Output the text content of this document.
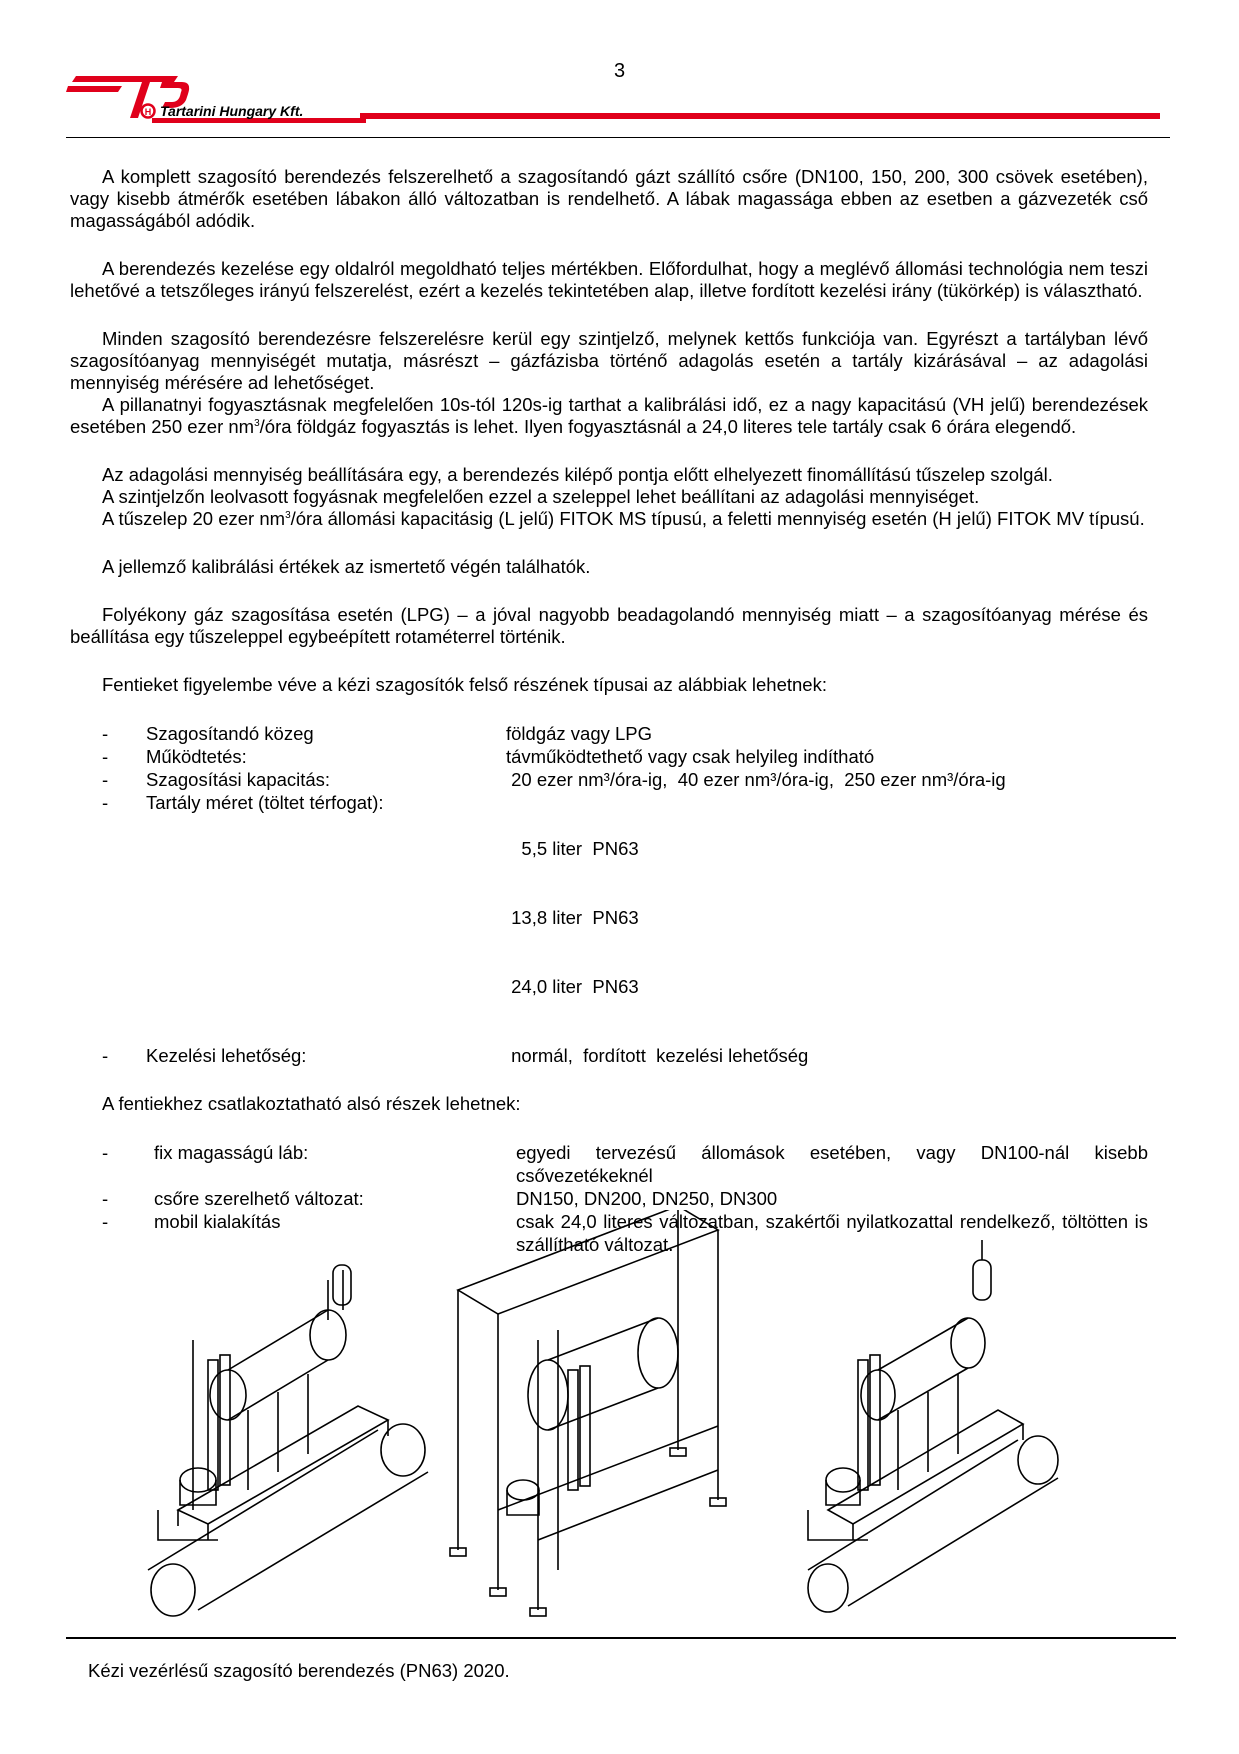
3
H Tartarini Hungary Kft.

A komplett szagosító berendezés felszerelhető a szagosítandó gázt szállító csőre (DN100, 150, 200, 300 csövek esetében), vagy kisebb átmérők esetében lábakon álló változatban is rendelhető. A lábak magassága ebben az esetben a gázvezeték cső magasságából adódik.

A berendezés kezelése egy oldalról megoldható teljes mértékben. Előfordulhat, hogy a meglévő állomási technológia nem teszi lehetővé a tetszőleges irányú felszerelést, ezért a kezelés tekintetében alap, illetve fordított kezelési irány (tükörkép) is választható.

Minden szagosító berendezésre felszerelésre kerül egy szintjelző, melynek kettős funkciója van. Egyrészt a tartályban lévő szagosítóanyag mennyiségét mutatja, másrészt – gázfázisba történő adagolás esetén a tartály kizárásával – az adagolási mennyiség mérésére ad lehetőséget.

A pillanatnyi fogyasztásnak megfelelően 10s-tól 120s-ig tarthat a kalibrálási idő, ez a nagy kapacitású (VH jelű) berendezések esetében 250 ezer $nm^3$/óra földgáz fogyasztás is lehet. Ilyen fogyasztásnál a 24,0 literes tele tartály csak 6 órára elegendő.

Az adagolási mennyiség beállítására egy, a berendezés kilépő pontja előtt elhelyezett finomállítású tűszelep szolgál.

A szintjelzőn leolvasott fogyásnak megfelelően ezzel a szeleppel lehet beállítani az adagolási mennyiséget.

A tűszelep 20 ezer $nm^3$/óra állomási kapacitásig (L jelű) FITOK MS típusú, a feletti mennyiség esetén (H jelű) FITOK MV típusú.

A jellemző kalibrálási értékek az ismertető végén találhatók.

Folyékony gáz szagosítása esetén (LPG) – a jóval nagyobb beadagolandó mennyiség miatt – a szagosítóanyag mérése és beállítása egy tűszeleppel egybeépített rotaméterrel történik.

Fentieket figyelembe véve a kézi szagosítók felső részének típusai az alábbiak lehetnek:

-	Szagosítandó közeg	földgáz vagy LPG
-	Működtetés:	távműködtethető vagy csak helyileg indítható
-	Szagosítási kapacitás:	20 ezer nm³/óra-ig,  40 ezer nm³/óra-ig,  250 ezer nm³/óra-ig
-	Tartály méret (töltet térfogat):

5,5 liter  PN63

13,8 liter  PN63

24,0 liter  PN63

-	Kezelési lehetőség:	normál,  fordított  kezelési lehetőség

A fentiekhez csatlakoztatható alsó részek lehetnek:

-	fix magasságú láb:	egyedi tervezésű állomások esetében, vagy DN100-nál kisebb csővezetékeknél
-	csőre szerelhető változat:	DN150, DN200, DN250, DN300
-	mobil kialakítás	csak 24,0 literes változatban, szakértői nyilatkozattal rendelkező, töltötten is szállítható változat.
Kézi vezérlésű szagosító berendezés (PN63) 2020.
